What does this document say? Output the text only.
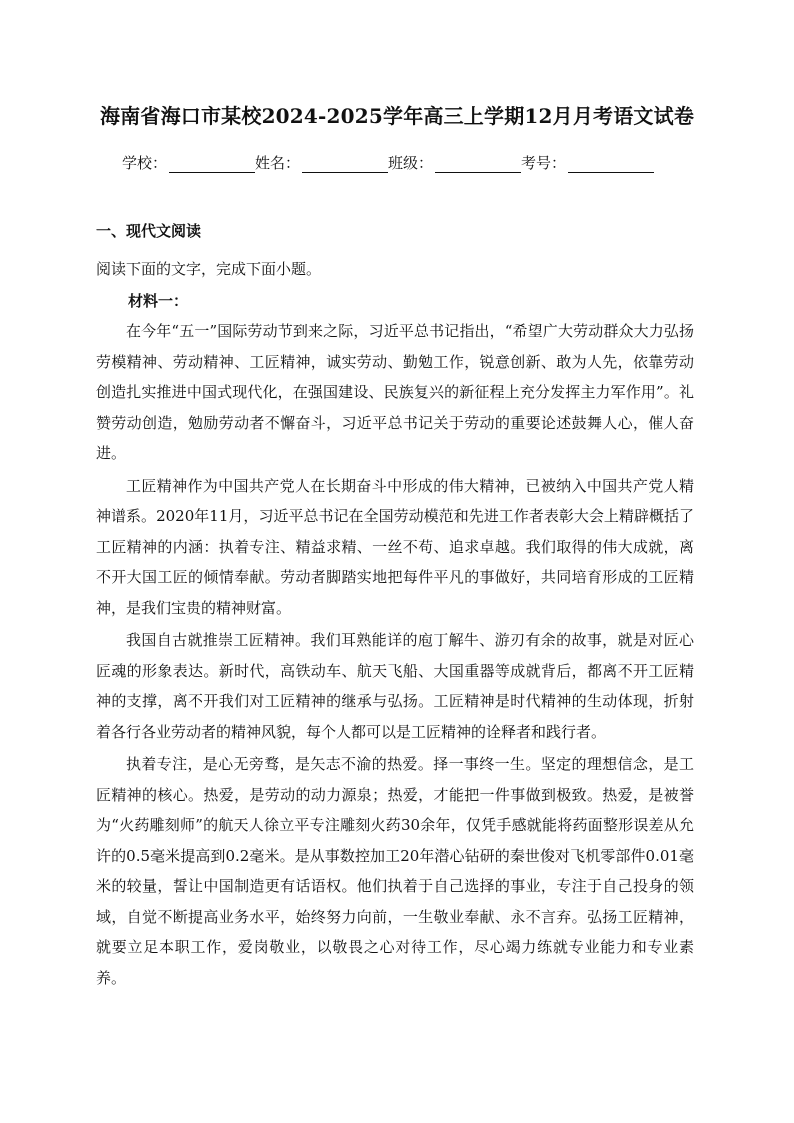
海南省海口市某校2024-2025学年高三上学期12月月考语文试卷
学校：	姓名：	班级：	考号：
一、现代文阅读
阅读下面的文字，完成下面小题。
材料一：

在今年“五一”国际劳动节到来之际，习近平总书记指出，“希望广大劳动群众大力弘扬劳模精神、劳动精神、工匠精神，诚实劳动、勤勉工作，锐意创新、敢为人先，依靠劳动创造扎实推进中国式现代化，在强国建设、民族复兴的新征程上充分发挥主力军作用”。礼赞劳动创造，勉励劳动者不懈奋斗，习近平总书记关于劳动的重要论述鼓舞人心，催人奋进。

工匠精神作为中国共产党人在长期奋斗中形成的伟大精神，已被纳入中国共产党人精神谱系。2020年11月，习近平总书记在全国劳动模范和先进工作者表彰大会上精辟概括了工匠精神的内涵：执着专注、精益求精、一丝不苟、追求卓越。我们取得的伟大成就，离不开大国工匠的倾情奉献。劳动者脚踏实地把每件平凡的事做好，共同培育形成的工匠精神，是我们宝贵的精神财富。

我国自古就推崇工匠精神。我们耳熟能详的庖丁解牛、游刃有余的故事，就是对匠心匠魂的形象表达。新时代，高铁动车、航天飞船、大国重器等成就背后，都离不开工匠精神的支撑，离不开我们对工匠精神的继承与弘扬。工匠精神是时代精神的生动体现，折射着各行各业劳动者的精神风貌，每个人都可以是工匠精神的诠释者和践行者。

执着专注，是心无旁骛，是矢志不渝的热爱。择一事终一生。坚定的理想信念，是工匠精神的核心。热爱，是劳动的动力源泉；热爱，才能把一件事做到极致。热爱，是被誉为“火药雕刻师”的航天人徐立平专注雕刻火药30余年，仅凭手感就能将药面整形误差从允许的0.5毫米提高到0.2毫米。是从事数控加工20年潜心钻研的秦世俊对飞机零部件0.01毫米的较量，誓让中国制造更有话语权。他们执着于自己选择的事业，专注于自己投身的领域，自觉不断提高业务水平，始终努力向前，一生敬业奉献、永不言弃。弘扬工匠精神，就要立足本职工作，爱岗敬业，以敬畏之心对待工作，尽心竭力练就专业能力和专业素养。
